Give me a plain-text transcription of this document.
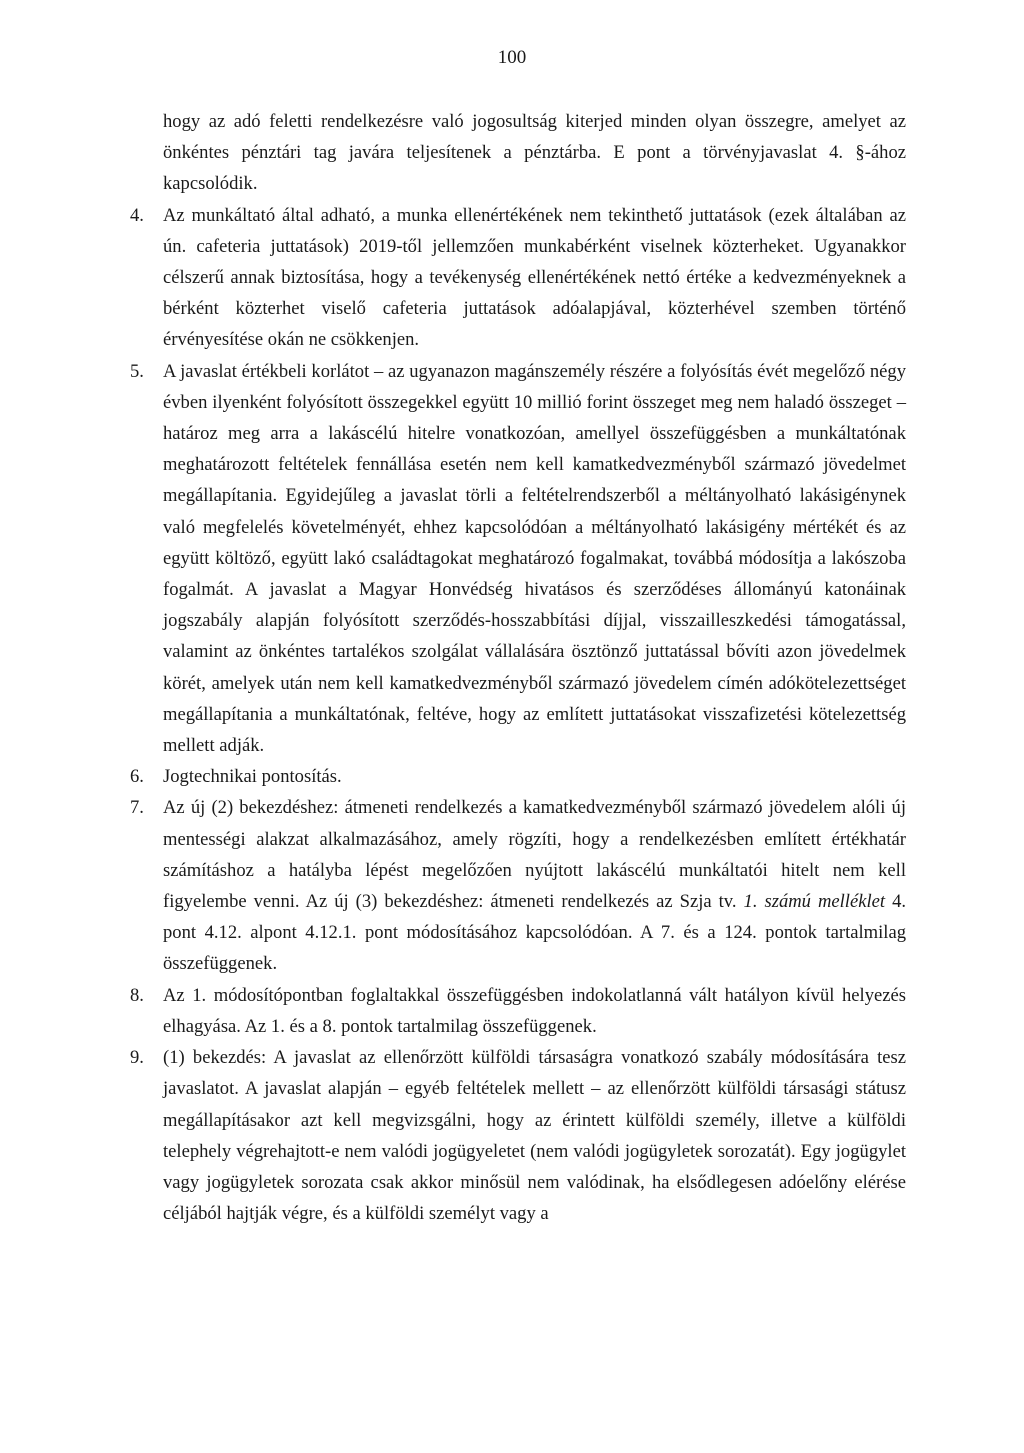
100

hogy az adó feletti rendelkezésre való jogosultság kiterjed minden olyan összegre, amelyet az önkéntes pénztári tag javára teljesítenek a pénztárba. E pont a törvényjavaslat 4. §-ához kapcsolódik.

4. Az munkáltató által adható, a munka ellenértékének nem tekinthető juttatások (ezek általában az ún. cafeteria juttatások) 2019-től jellemzően munkabérként viselnek közterheket. Ugyanakkor célszerű annak biztosítása, hogy a tevékenység ellenértékének nettó értéke a kedvezményeknek a bérként közterhet viselő cafeteria juttatások adóalapjával, közterhével szemben történő érvényesítése okán ne csökkenjen.
5. A javaslat értékbeli korlátot – az ugyanazon magánszemély részére a folyósítás évét megelőző négy évben ilyenként folyósított összegekkel együtt 10 millió forint összeget meg nem haladó összeget – határoz meg arra a lakáscélú hitelre vonatkozóan, amellyel összefüggésben a munkáltatónak meghatározott feltételek fennállása esetén nem kell kamatkedvezményből származó jövedelmet megállapítania. Egyidejűleg a javaslat törli a feltételrendszerből a méltányolható lakásigénynek való megfelelés követelményét, ehhez kapcsolódóan a méltányolható lakásigény mértékét és az együtt költöző, együtt lakó családtagokat meghatározó fogalmakat, továbbá módosítja a lakószoba fogalmát. A javaslat a Magyar Honvédség hivatásos és szerződéses állományú katonáinak jogszabály alapján folyósított szerződés-hosszabbítási díjjal, visszailleszkedési támogatással, valamint az önkéntes tartalékos szolgálat vállalására ösztönző juttatással bővíti azon jövedelmek körét, amelyek után nem kell kamatkedvezményből származó jövedelem címén adókötelezettséget megállapítania a munkáltatónak, feltéve, hogy az említett juttatásokat visszafizetési kötelezettség mellett adják.
6. Jogtechnikai pontosítás.
7. Az új (2) bekezdéshez: átmeneti rendelkezés a kamatkedvezményből származó jövedelem alóli új mentességi alakzat alkalmazásához, amely rögzíti, hogy a rendelkezésben említett értékhatár számításhoz a hatályba lépést megelőzően nyújtott lakáscélú munkáltatói hitelt nem kell figyelembe venni. Az új (3) bekezdéshez: átmeneti rendelkezés az Szja tv. 1. számú melléklet 4. pont 4.12. alpont 4.12.1. pont módosításához kapcsolódóan. A 7. és a 124. pontok tartalmilag összefüggenek.
8. Az 1. módosítópontban foglaltakkal összefüggésben indokolatlanná vált hatályon kívül helyezés elhagyása. Az 1. és a 8. pontok tartalmilag összefüggenek.
9. (1) bekezdés: A javaslat az ellenőrzött külföldi társaságra vonatkozó szabály módosítására tesz javaslatot. A javaslat alapján – egyéb feltételek mellett – az ellenőrzött külföldi társasági státusz megállapításakor azt kell megvizsgálni, hogy az érintett külföldi személy, illetve a külföldi telephely végrehajtott-e nem valódi jogügyeletet (nem valódi jogügyletek sorozatát). Egy jogügylet vagy jogügyletek sorozata csak akkor minősül nem valódinak, ha elsődlegesen adóelőny elérése céljából hajtják végre, és a külföldi személyt vagy a
